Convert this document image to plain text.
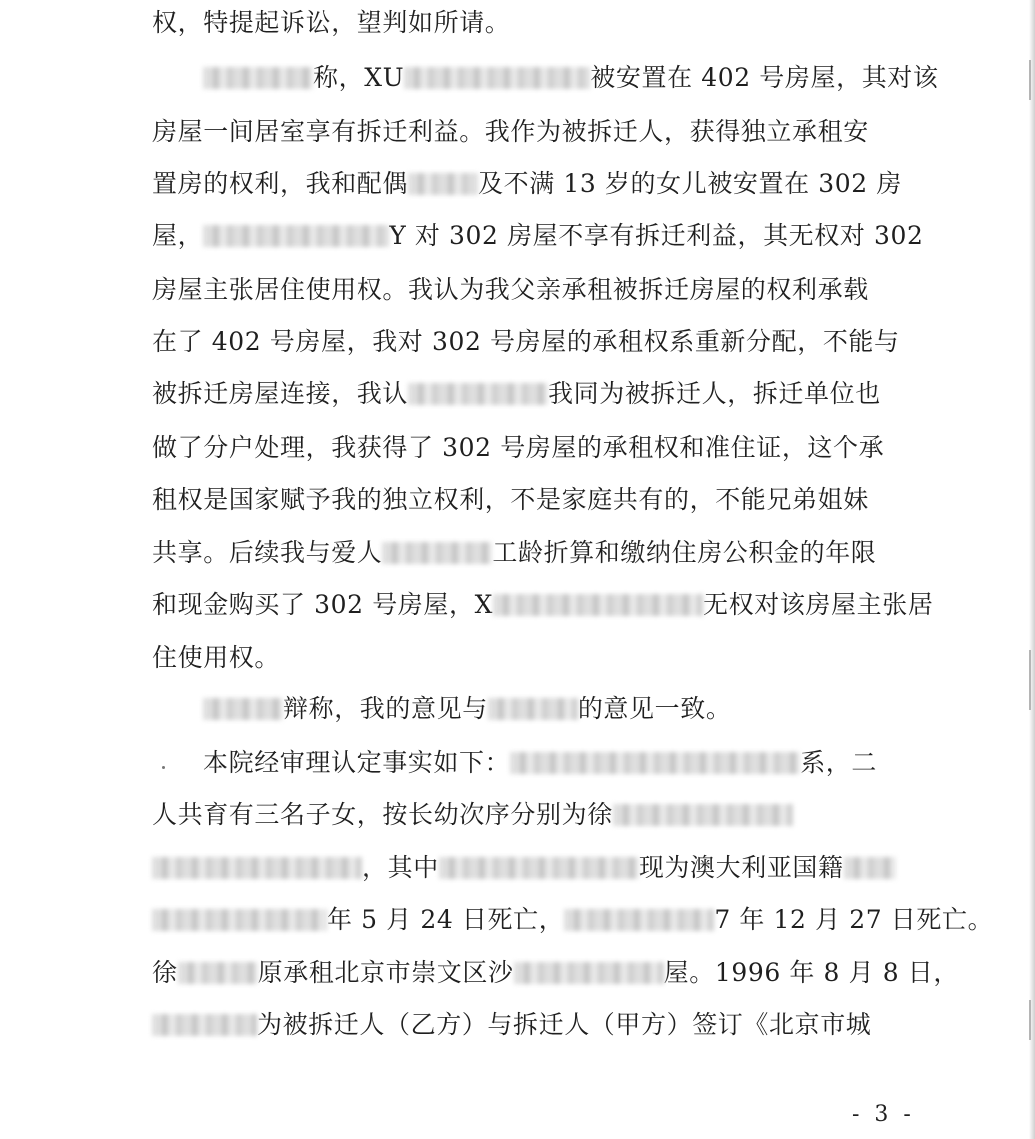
权，特提起诉讼，望判如所请。
称，XU	被安置在 402 号房屋，其对该
房屋一间居室享有拆迁利益。我作为被拆迁人，获得独立承租安
置房的权利，我和配偶	及不满 13 岁的女儿被安置在 302 房
屋，	Y 对 302 房屋不享有拆迁利益，其无权对 302
房屋主张居住使用权。我认为我父亲承租被拆迁房屋的权利承载
在了 402 号房屋，我对 302 号房屋的承租权系重新分配，不能与
被拆迁房屋连接，我认	我同为被拆迁人，拆迁单位也
做了分户处理，我获得了 302 号房屋的承租权和准住证，这个承
租权是国家赋予我的独立权利，不是家庭共有的，不能兄弟姐妹
共享。后续我与爱人	工龄折算和缴纳住房公积金的年限
和现金购买了 302 号房屋，X	无权对该房屋主张居
住使用权。
辩称，我的意见与	的意见一致。
本院经审理认定事实如下：	系，二
人共育有三名子女，按长幼次序分别为徐
，其中	现为澳大利亚国籍
年 5 月 24 日死亡，	7 年 12 月 27 日死亡。
徐	原承租北京市崇文区沙	屋。1996 年 8 月 8 日，
为被拆迁人（乙方）与拆迁人（甲方）签订《北京市城
- 3 -
